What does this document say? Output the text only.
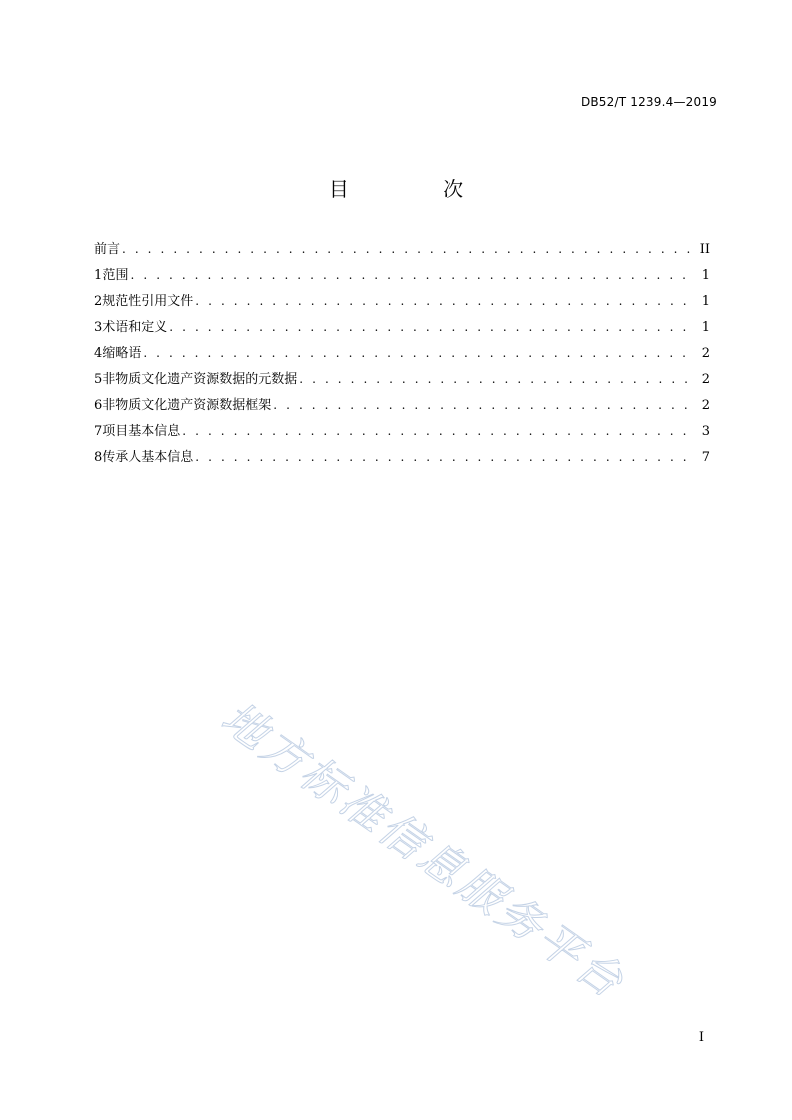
DB52/T 1239.4—2019
目 次
前言 . . .	II
1 范围 . . .	1
2 规范性引用文件 . . .	1
3 术语和定义 . . .	1
4 缩略语 . . .	2
5 非物质文化遗产资源数据的元数据 . . .	2
6 非物质文化遗产资源数据框架 . . .	2
7 项目基本信息 . . .	3
8 传承人基本信息 . . .	7
地方标准信息服务平台
I
